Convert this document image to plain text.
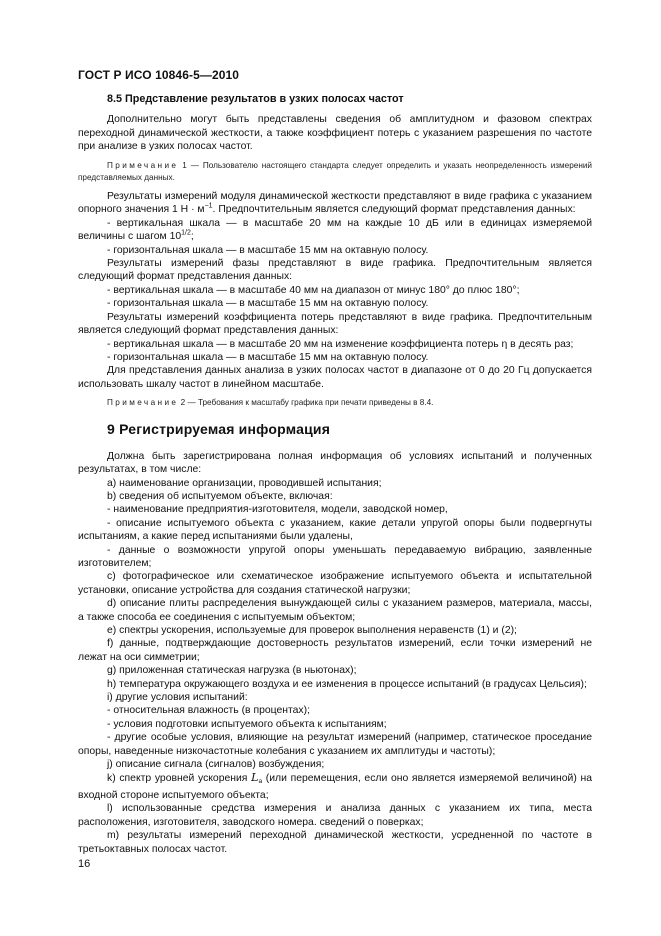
ГОСТ Р ИСО 10846-5—2010

8.5 Представление результатов в узких полосах частот

Дополнительно могут быть представлены сведения об амплитудном и фазовом спектрах переходной динамической жесткости, а также коэффициент потерь с указанием разрешения по частоте при анализе в узких полосах частот.

Примечание 1 — Пользователю настоящего стандарта следует определить и указать неопределенность измерений представляемых данных.

Результаты измерений модуля динамической жесткости представляют в виде графика с указанием опорного значения 1 $Н \cdot м^{-1}$. Предпочтительным является следующий формат представления данных:

- вертикальная шкала — в масштабе 20 мм на каждые 10 дБ или в единицах измеряемой величины с шагом $10^{1/2}$;

- горизонтальная шкала — в масштабе 15 мм на октавную полосу.

Результаты измерений фазы представляют в виде графика. Предпочтительным является следующий формат представления данных:

- вертикальная шкала — в масштабе 40 мм на диапазон от минус 180° до плюс 180°;

- горизонтальная шкала — в масштабе 15 мм на октавную полосу.

Результаты измерений коэффициента потерь представляют в виде графика. Предпочтительным является следующий формат представления данных:

- вертикальная шкала — в масштабе 20 мм на изменение коэффициента потерь η в десять раз;

- горизонтальная шкала — в масштабе 15 мм на октавную полосу.

Для представления данных анализа в узких полосах частот в диапазоне от 0 до 20 Гц допускается использовать шкалу частот в линейном масштабе.

Примечание 2 — Требования к масштабу графика при печати приведены в 8.4.

9 Регистрируемая информация

Должна быть зарегистрирована полная информация об условиях испытаний и полученных результатах, в том числе:

a) наименование организации, проводившей испытания;

b) сведения об испытуемом объекте, включая:

- наименование предприятия-изготовителя, модели, заводской номер,

- описание испытуемого объекта с указанием, какие детали упругой опоры были подвергнуты испытаниям, а какие перед испытаниями были удалены,

- данные о возможности упругой опоры уменьшать передаваемую вибрацию, заявленные изготовителем;

c) фотографическое или схематическое изображение испытуемого объекта и испытательной установки, описание устройства для создания статической нагрузки;

d) описание плиты распределения вынуждающей силы с указанием размеров, материала, массы, а также способа ее соединения с испытуемым объектом;

e) спектры ускорения, используемые для проверок выполнения неравенств (1) и (2);

f) данные, подтверждающие достоверность результатов измерений, если точки измерений не лежат на оси симметрии;

g) приложенная статическая нагрузка (в ньютонах);

h) температура окружающего воздуха и ее изменения в процессе испытаний (в градусах Цельсия);

i) другие условия испытаний:

- относительная влажность (в процентах);

- условия подготовки испытуемого объекта к испытаниям;

- другие особые условия, влияющие на результат измерений (например, статическое проседание опоры, наведенные низкочастотные колебания с указанием их амплитуды и частоты);

j) описание сигнала (сигналов) возбуждения;

k) спектр уровней ускорения $L_a$ (или перемещения, если оно является измеряемой величиной) на входной стороне испытуемого объекта;

l) использованные средства измерения и анализа данных с указанием их типа, места расположения, изготовителя, заводского номера. сведений о поверках;

m) результаты измерений переходной динамической жесткости, усредненной по частоте в третьоктавных полосах частот.

16
